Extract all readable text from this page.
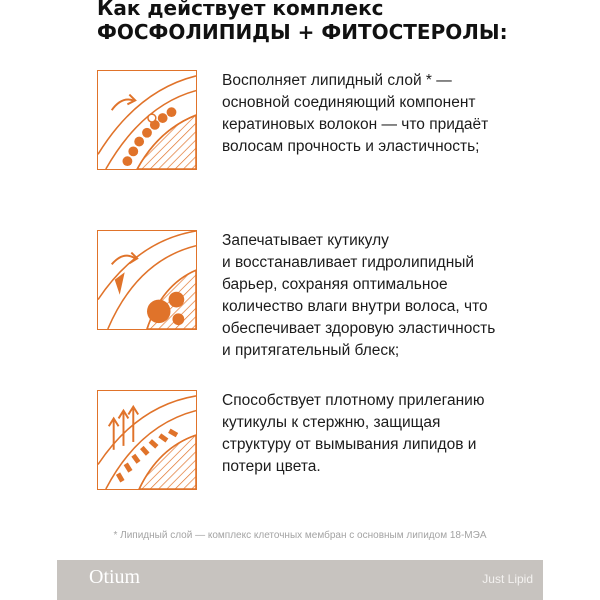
Как действует комплекс
ФОСФОЛИПИДЫ + ФИТОСТЕРОЛЫ:
Восполняет липидный слой * —
основной соединяющий компонент
кератиновых волокон — что придаёт
волосам прочность и эластичность;
Запечатывает кутикулу
и восстанавливает гидролипидный
барьер, сохраняя оптимальное
количество влаги внутри волоса, что
обеспечивает здоровую эластичность
и притягательный блеск;
Способствует плотному прилеганию
кутикулы к стержню, защищая
структуру от вымывания липидов и
потери цвета.
* Липидный слой — комплекс клеточных мембран с основным липидом 18-МЭА
Otium	Just Lipid
